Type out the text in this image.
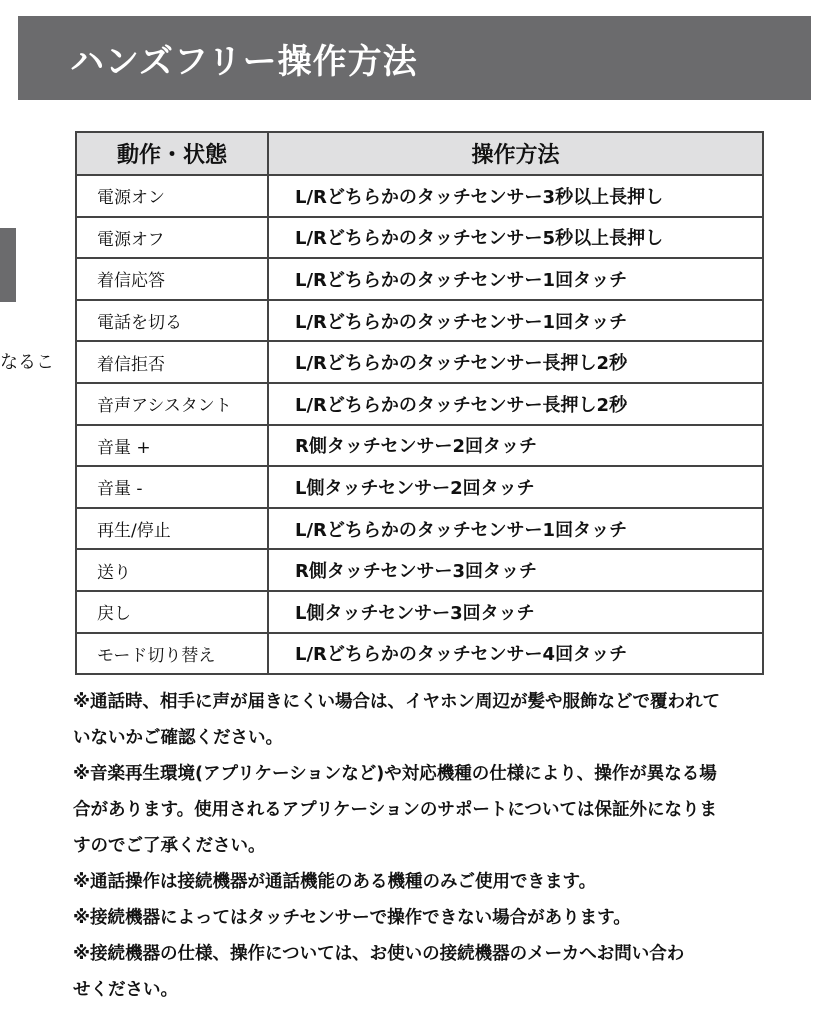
ハンズフリー操作方法
なるこ
動作・状態	操作方法
電源オン	L/Rどちらかのタッチセンサー3秒以上長押し
電源オフ	L/Rどちらかのタッチセンサー5秒以上長押し
着信応答	L/Rどちらかのタッチセンサー1回タッチ
電話を切る	L/Rどちらかのタッチセンサー1回タッチ
着信拒否	L/Rどちらかのタッチセンサー長押し2秒
音声アシスタント	L/Rどちらかのタッチセンサー長押し2秒
音量 +	R側タッチセンサー2回タッチ
音量 -	L側タッチセンサー2回タッチ
再生/停止	L/Rどちらかのタッチセンサー1回タッチ
送り	R側タッチセンサー3回タッチ
戻し	L側タッチセンサー3回タッチ
モード切り替え	L/Rどちらかのタッチセンサー4回タッチ

※通話時、相手に声が届きにくい場合は、イヤホン周辺が髪や服飾などで覆われて

いないかご確認ください。

※音楽再生環境(アプリケーションなど)や対応機種の仕様により、操作が異なる場

合があります。使用されるアプリケーションのサポートについては保証外になりま

すのでご了承ください。

※通話操作は接続機器が通話機能のある機種のみご使用できます。

※接続機器によってはタッチセンサーで操作できない場合があります。

※接続機器の仕様、操作については、お使いの接続機器のメーカへお問い合わ

せください。
